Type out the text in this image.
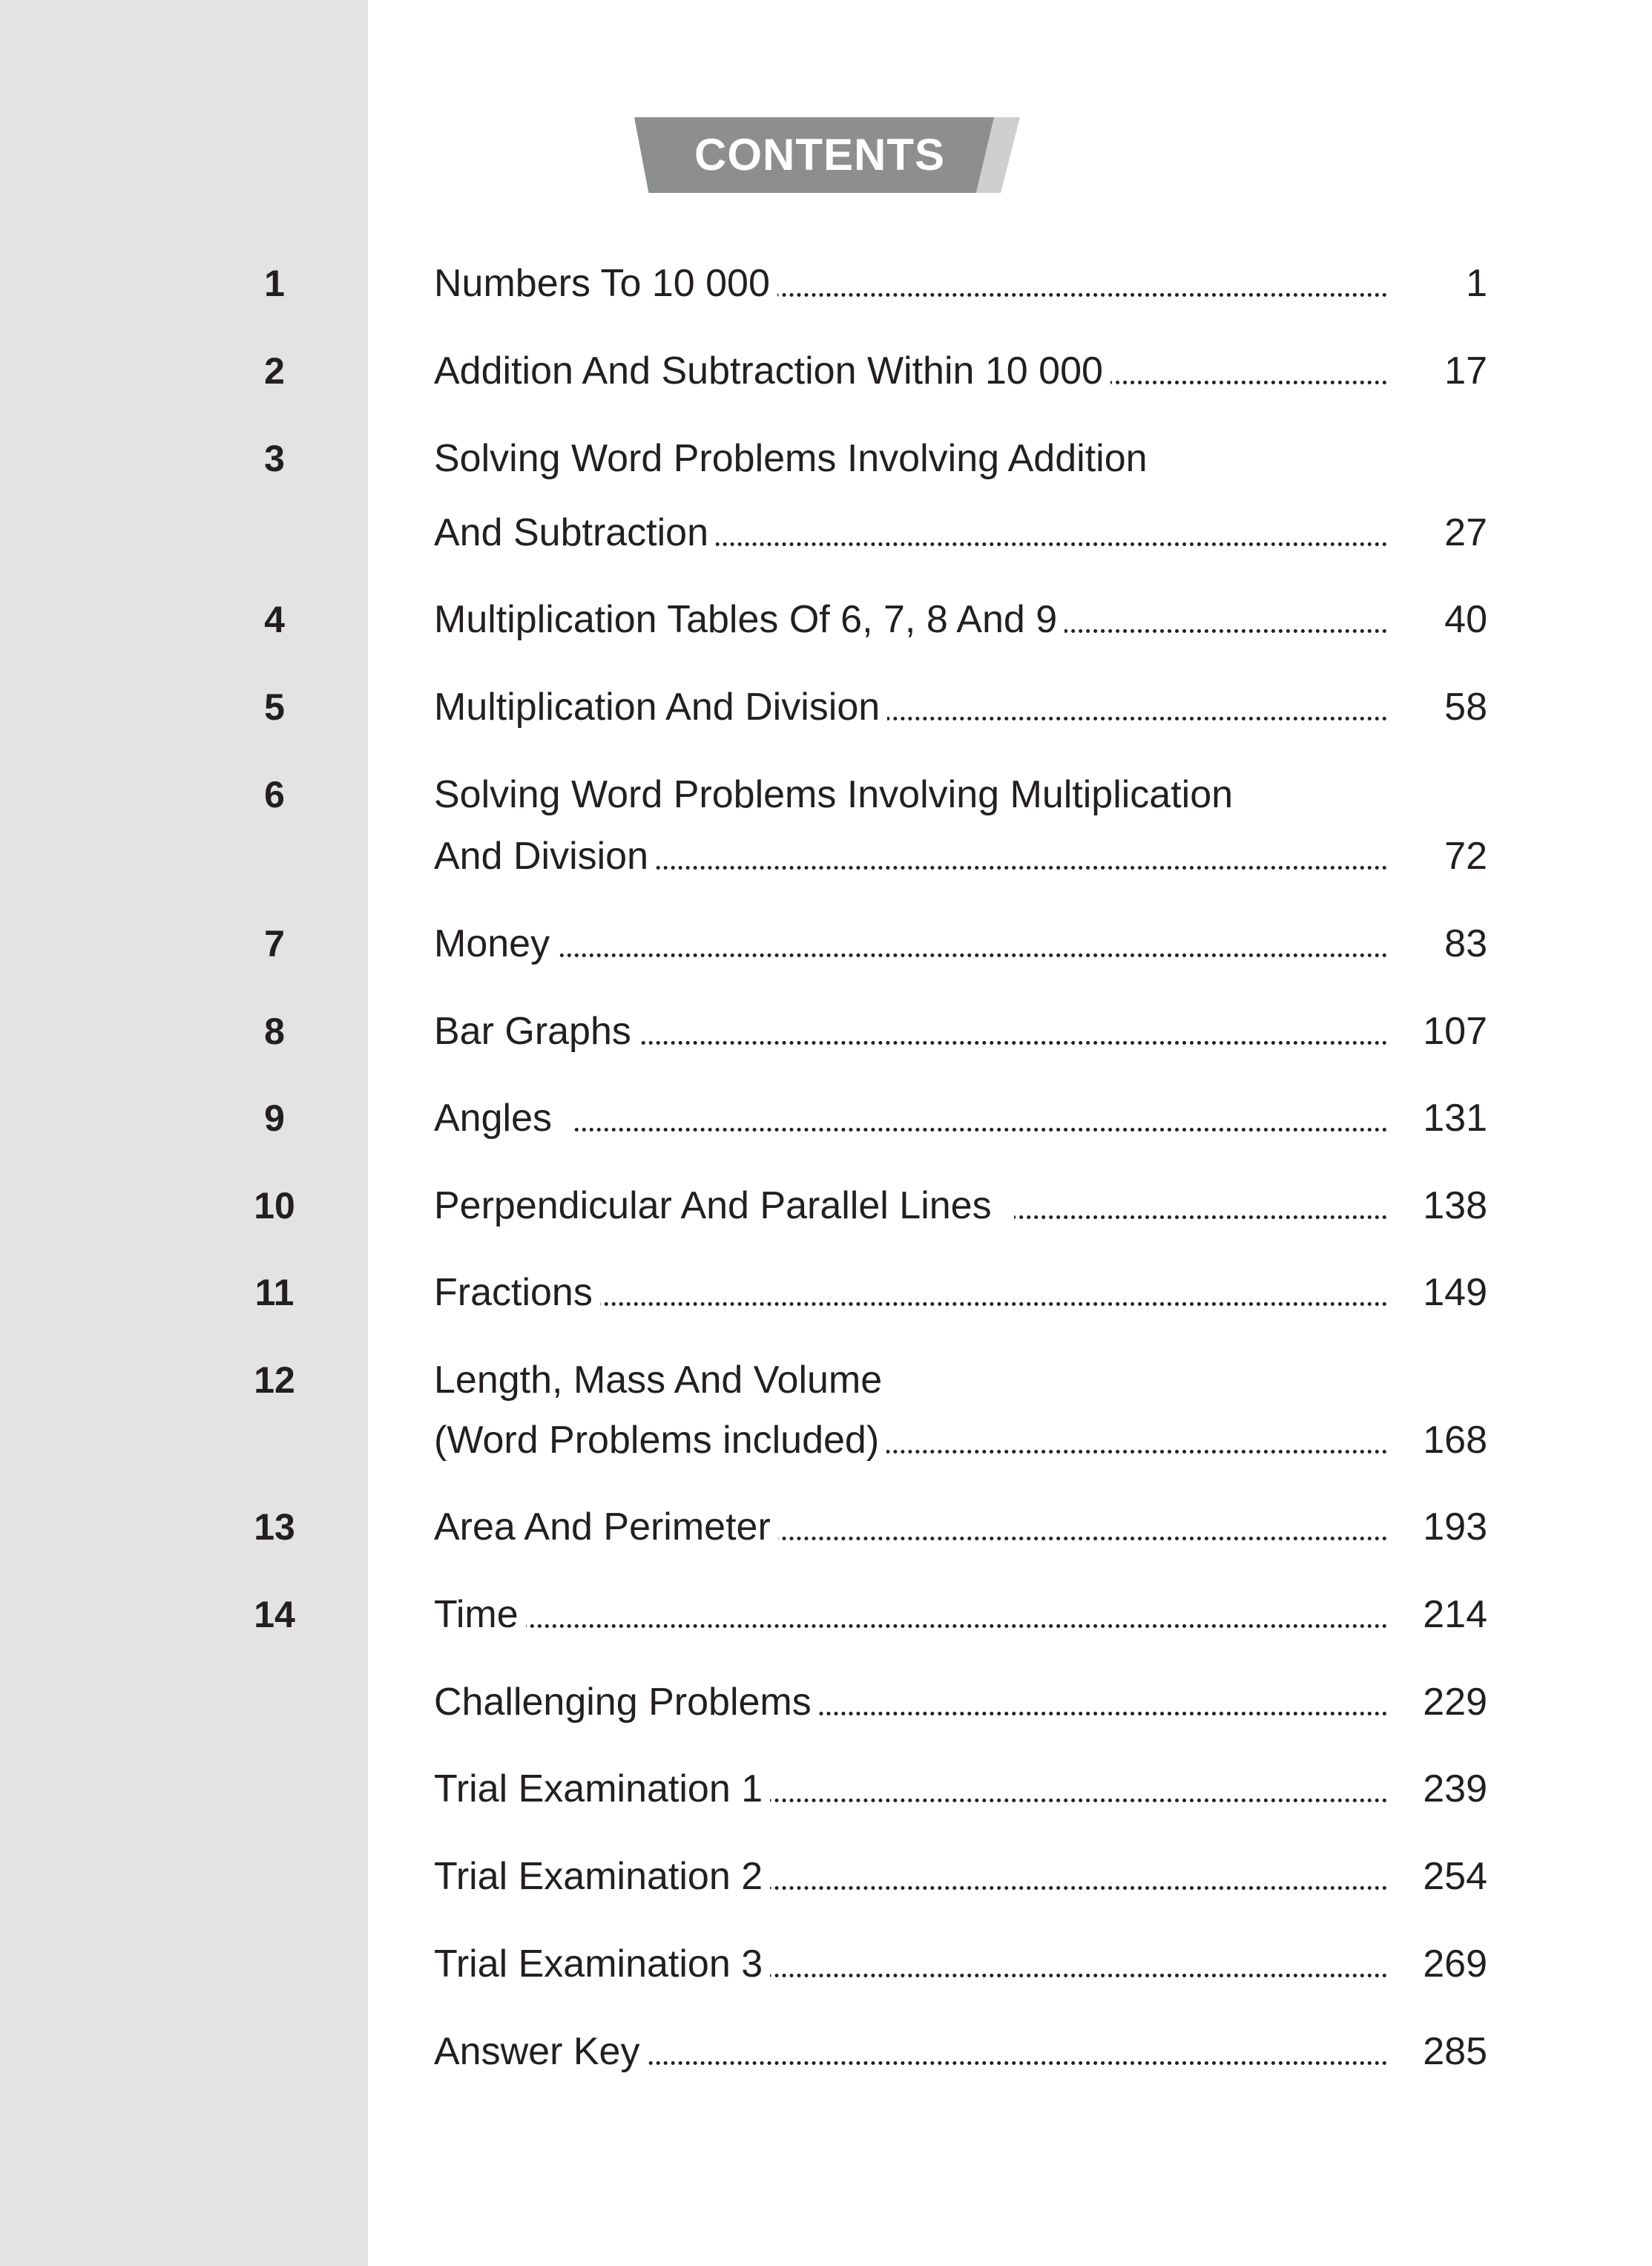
CONTENTS
1	Numbers To 10 000	1
2	Addition And Subtraction Within 10 000	17
3	Solving Word Problems Involving Addition
And Subtraction	27
4	Multiplication Tables Of 6, 7, 8 And 9	40
5	Multiplication And Division	58
6	Solving Word Problems Involving Multiplication
And Division	72
7	Money	83
8	Bar Graphs	107
9	Angles	131
10	Perpendicular And Parallel Lines	138
11	Fractions	149
12	Length, Mass And Volume
(Word Problems included)	168
13	Area And Perimeter	193
14	Time	214
Challenging Problems	229
Trial Examination 1	239
Trial Examination 2	254
Trial Examination 3	269
Answer Key	285
